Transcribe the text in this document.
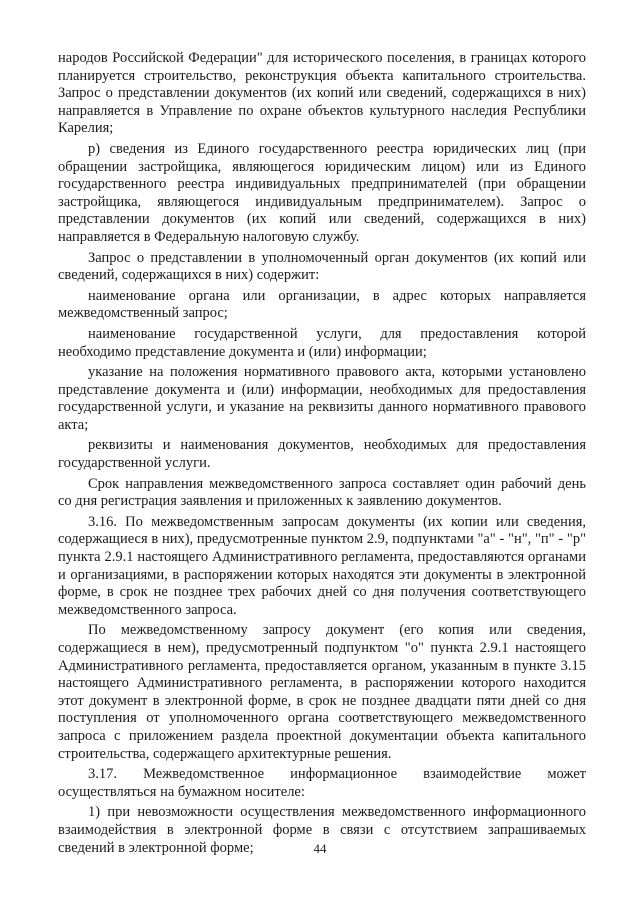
народов Российской Федерации" для исторического поселения, в границах которого планируется строительство, реконструкция объекта капитального строительства. Запрос о представлении документов (их копий или сведений, содержащихся в них) направляется в Управление по охране объектов культурного наследия Республики Карелия;

р) сведения из Единого государственного реестра юридических лиц (при обращении застройщика, являющегося юридическим лицом) или из Единого государственного реестра индивидуальных предпринимателей (при обращении застройщика, являющегося индивидуальным предпринимателем). Запрос о представлении документов (их копий или сведений, содержащихся в них) направляется в Федеральную налоговую службу.

Запрос о представлении в уполномоченный орган документов (их копий или сведений, содержащихся в них) содержит:

наименование органа или организации, в адрес которых направляется межведомственный запрос;

наименование государственной услуги, для предоставления которой необходимо представление документа и (или) информации;

указание на положения нормативного правового акта, которыми установлено представление документа и (или) информации, необходимых для предоставления государственной услуги, и указание на реквизиты данного нормативного правового акта;

реквизиты и наименования документов, необходимых для предоставления государственной услуги.

Срок направления межведомственного запроса составляет один рабочий день со дня регистрация заявления и приложенных к заявлению документов.

3.16. По межведомственным запросам документы (их копии или сведения, содержащиеся в них), предусмотренные пунктом 2.9, подпунктами "а" - "н", "п" - "р" пункта 2.9.1 настоящего Административного регламента, предоставляются органами и организациями, в распоряжении которых находятся эти документы в электронной форме, в срок не позднее трех рабочих дней со дня получения соответствующего межведомственного запроса.

По межведомственному запросу документ (его копия или сведения, содержащиеся в нем), предусмотренный подпунктом "о" пункта 2.9.1 настоящего Административного регламента, предоставляется органом, указанным в пункте 3.15 настоящего Административного регламента, в распоряжении которого находится этот документ в электронной форме, в срок не позднее двадцати пяти дней со дня поступления от уполномоченного органа соответствующего межведомственного запроса с приложением раздела проектной документации объекта капитального строительства, содержащего архитектурные решения.

3.17. Межведомственное информационное взаимодействие может осуществляться на бумажном носителе:

1) при невозможности осуществления межведомственного информационного взаимодействия в электронной форме в связи с отсутствием запрашиваемых сведений в электронной форме;	44
